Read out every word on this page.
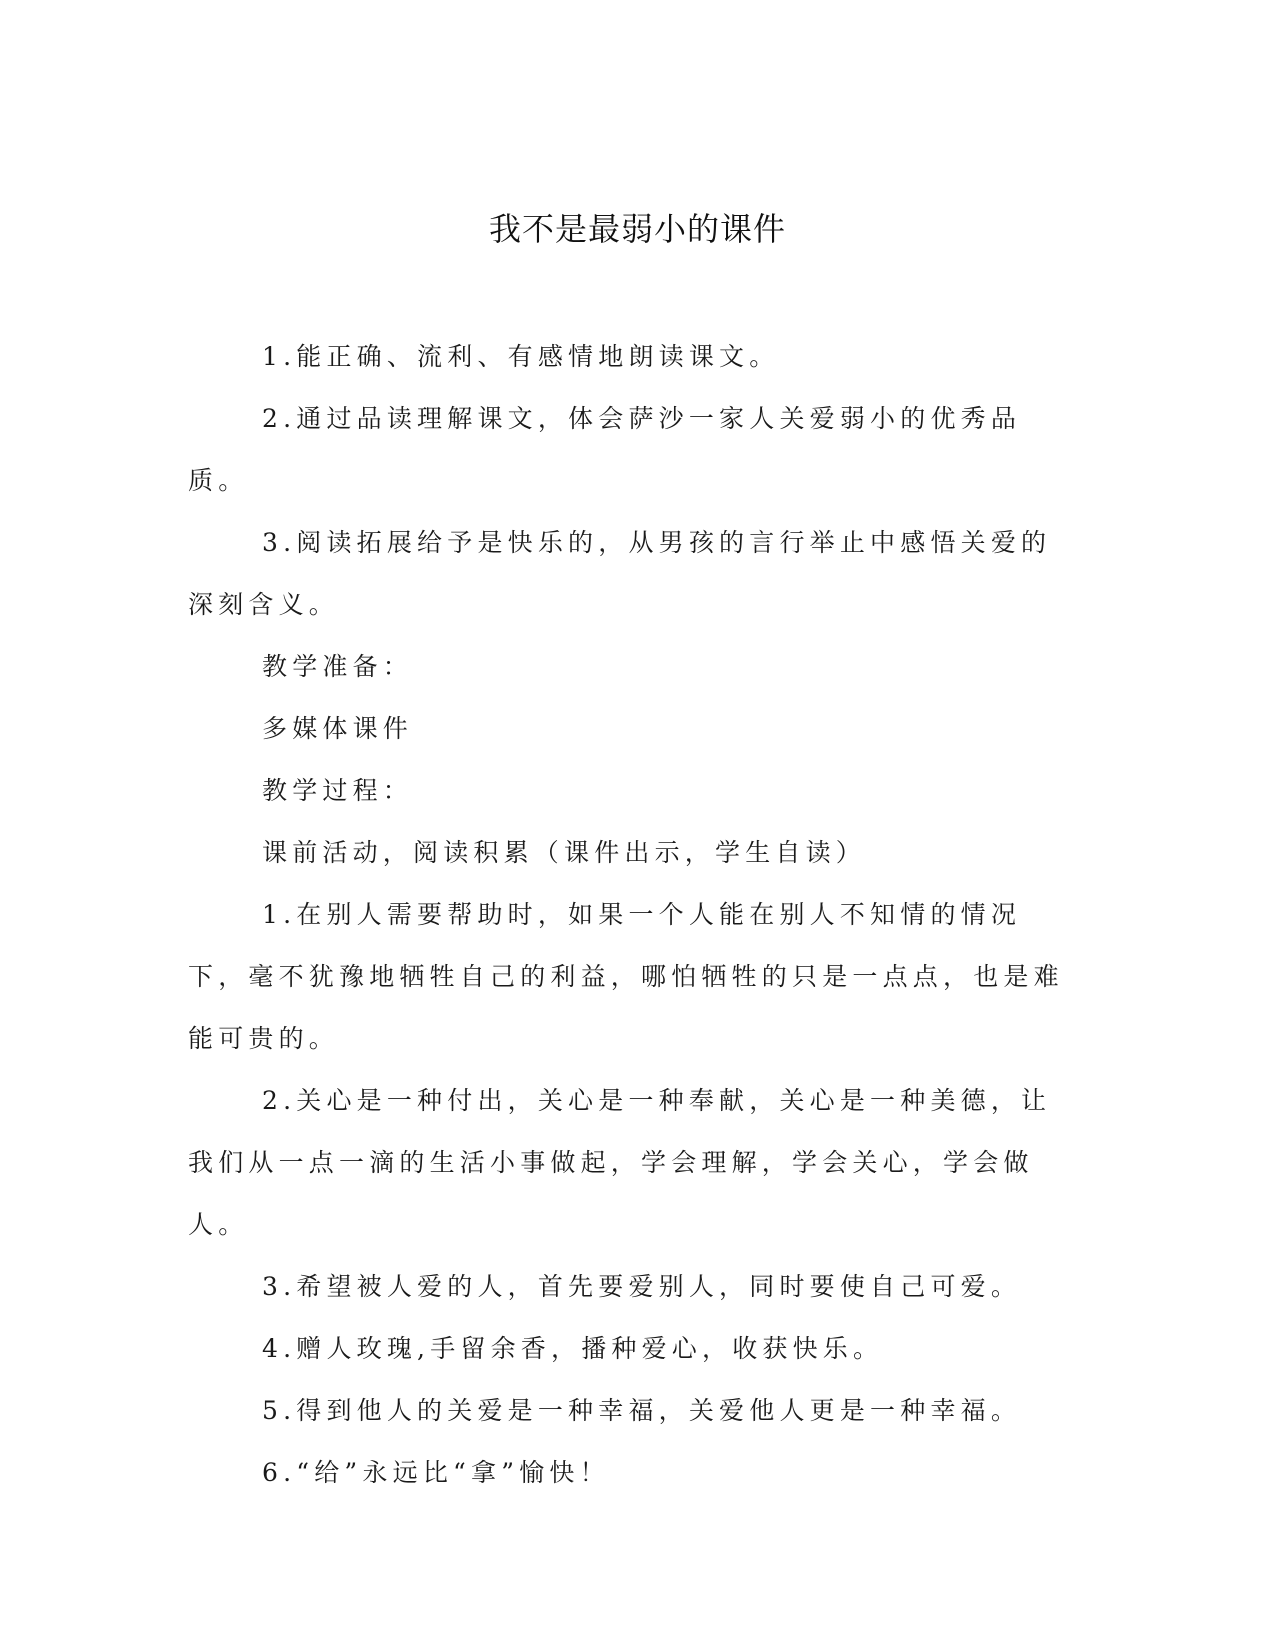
我不是最弱小的课件

1.能正确、流利、有感情地朗读课文。

2.通过品读理解课文，体会萨沙一家人关爱弱小的优秀品质。

3.阅读拓展给予是快乐的，从男孩的言行举止中感悟关爱的深刻含义。

教学准备：

多媒体课件

教学过程：

课前活动，阅读积累（课件出示，学生自读）

1.在别人需要帮助时，如果一个人能在别人不知情的情况下，毫不犹豫地牺牲自己的利益，哪怕牺牲的只是一点点，也是难能可贵的。

2.关心是一种付出，关心是一种奉献，关心是一种美德，让我们从一点一滴的生活小事做起，学会理解，学会关心，学会做人。

3.希望被人爱的人，首先要爱别人，同时要使自己可爱。

4.赠人玫瑰,手留余香，播种爱心，收获快乐。

5.得到他人的关爱是一种幸福，关爱他人更是一种幸福。

6.“给”永远比“拿”愉快！
